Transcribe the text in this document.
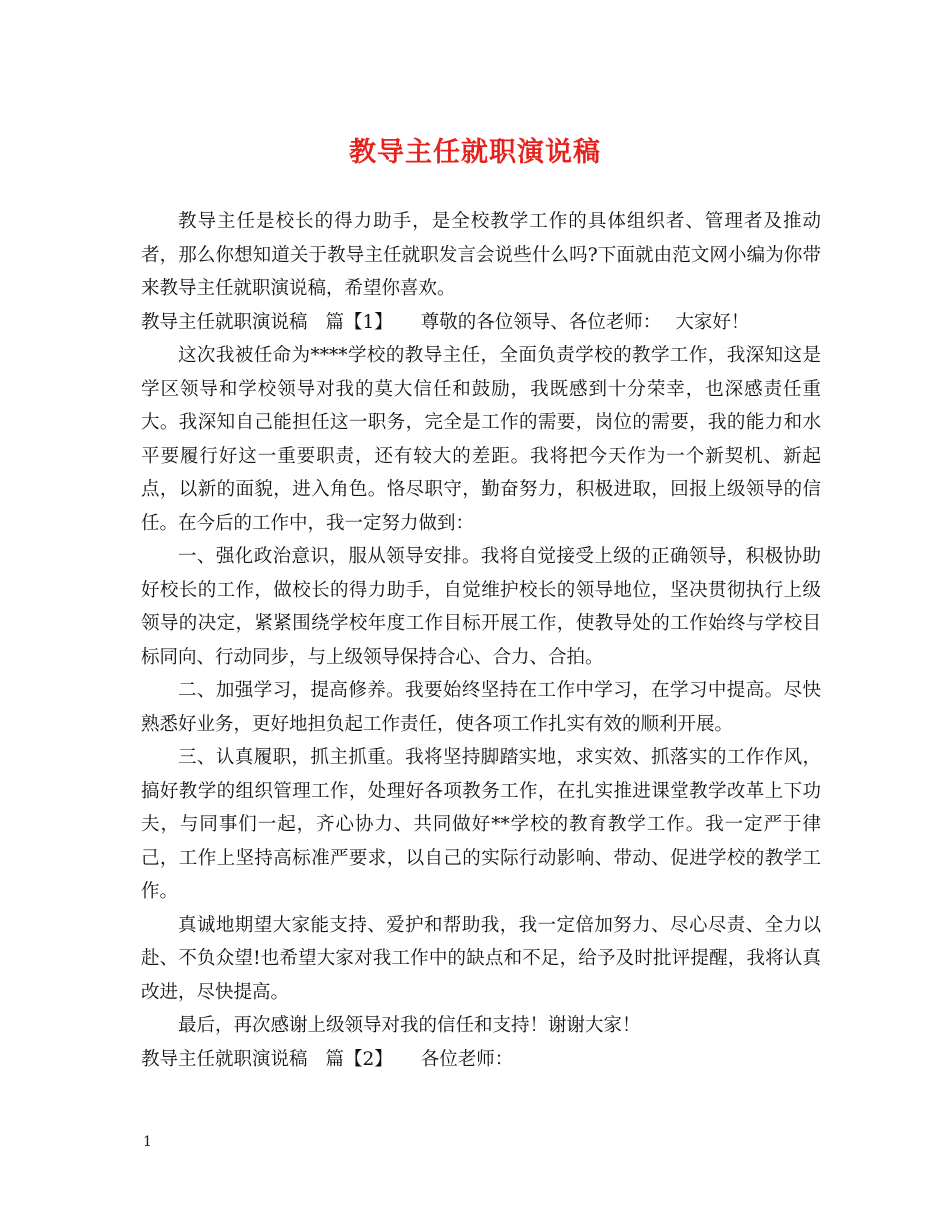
教导主任就职演说稿

教导主任是校长的得力助手，是全校教学工作的具体组织者、管理者及推动者，那么你想知道关于教导主任就职发言会说些什么吗?下面就由范文网小编为你带来教导主任就职演说稿，希望你喜欢。

教导主任就职演说稿 篇【1】 尊敬的各位领导、各位老师： 大家好！

这次我被任命为****学校的教导主任，全面负责学校的教学工作，我深知这是学区领导和学校领导对我的莫大信任和鼓励，我既感到十分荣幸，也深感责任重大。我深知自己能担任这一职务，完全是工作的需要，岗位的需要，我的能力和水平要履行好这一重要职责，还有较大的差距。我将把今天作为一个新契机、新起点，以新的面貌，进入角色。恪尽职守，勤奋努力，积极进取，回报上级领导的信任。在今后的工作中，我一定努力做到：

一、强化政治意识，服从领导安排。我将自觉接受上级的正确领导，积极协助好校长的工作，做校长的得力助手，自觉维护校长的领导地位，坚决贯彻执行上级领导的决定，紧紧围绕学校年度工作目标开展工作，使教导处的工作始终与学校目标同向、行动同步，与上级领导保持合心、合力、合拍。

二、加强学习，提高修养。我要始终坚持在工作中学习，在学习中提高。尽快熟悉好业务，更好地担负起工作责任，使各项工作扎实有效的顺利开展。

三、认真履职，抓主抓重。我将坚持脚踏实地，求实效、抓落实的工作作风，搞好教学的组织管理工作，处理好各项教务工作，在扎实推进课堂教学改革上下功夫，与同事们一起，齐心协力、共同做好**学校的教育教学工作。我一定严于律己，工作上坚持高标准严要求，以自己的实际行动影响、带动、促进学校的教学工作。

真诚地期望大家能支持、爱护和帮助我，我一定倍加努力、尽心尽责、全力以赴、不负众望!也希望大家对我工作中的缺点和不足，给予及时批评提醒，我将认真改进，尽快提高。

最后，再次感谢上级领导对我的信任和支持！谢谢大家！

教导主任就职演说稿 篇【2】 各位老师：

1
